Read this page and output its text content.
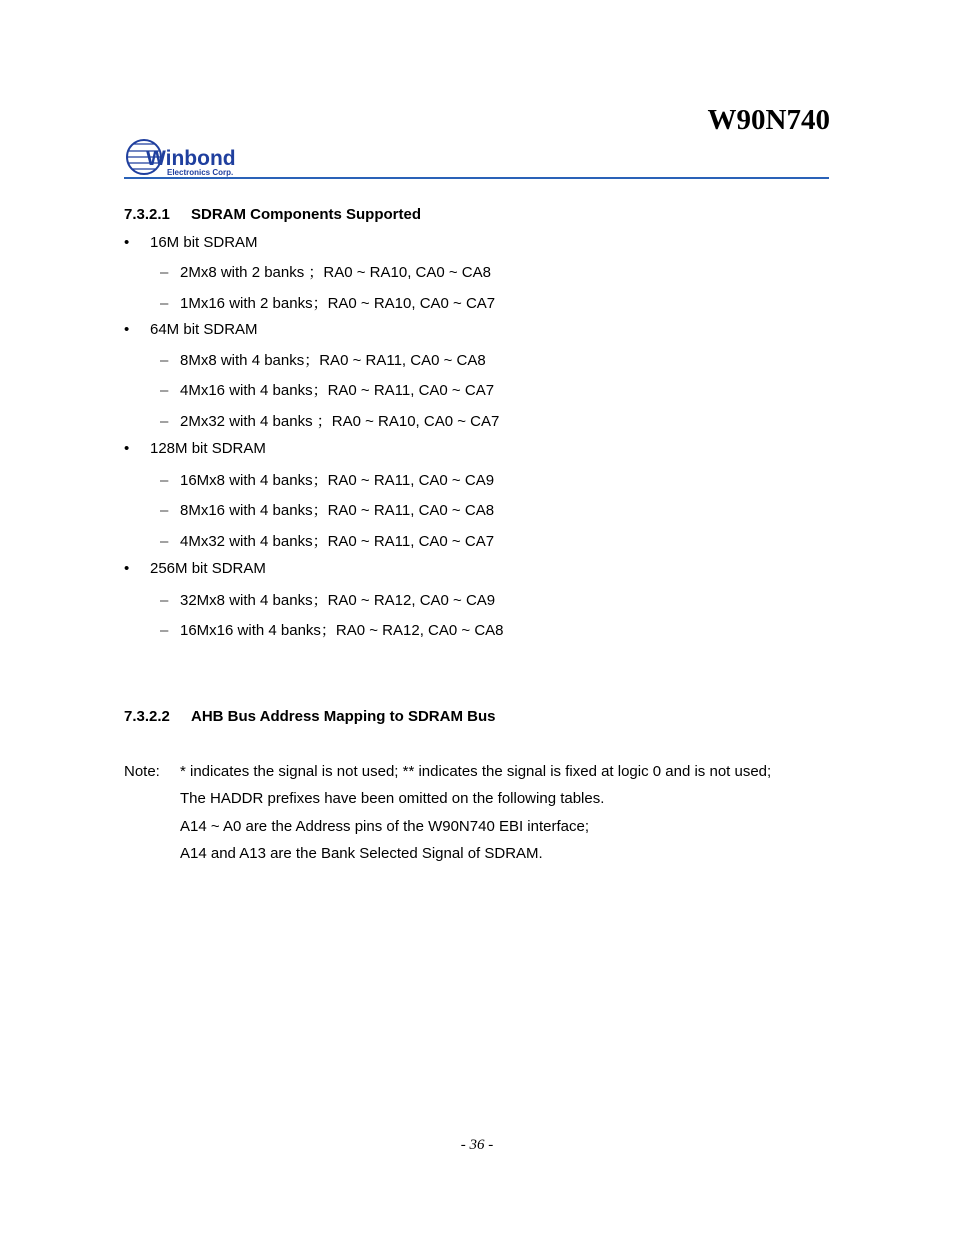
W90N740
Winbond
Electronics Corp.
7.3.2.1 SDRAM Components Supported
• 16M bit SDRAM
– 2Mx8 with 2 banks ；RA0 ~ RA10, CA0 ~ CA8
– 1Mx16 with 2 banks；RA0 ~ RA10, CA0 ~ CA7
• 64M bit SDRAM
– 8Mx8 with 4 banks；RA0 ~ RA11, CA0 ~ CA8
– 4Mx16 with 4 banks；RA0 ~ RA11, CA0 ~ CA7
– 2Mx32 with 4 banks ；RA0 ~ RA10, CA0 ~ CA7
• 128M bit SDRAM
– 16Mx8 with 4 banks；RA0 ~ RA11, CA0 ~ CA9
– 8Mx16 with 4 banks；RA0 ~ RA11, CA0 ~ CA8
– 4Mx32 with 4 banks；RA0 ~ RA11, CA0 ~ CA7
• 256M bit SDRAM
– 32Mx8 with 4 banks；RA0 ~ RA12, CA0 ~ CA9
– 16Mx16 with 4 banks；RA0 ~ RA12, CA0 ~ CA8
7.3.2.2 AHB Bus Address Mapping to SDRAM Bus
Note: * indicates the signal is not used; ** indicates the signal is fixed at logic 0 and is not used;
The HADDR prefixes have been omitted on the following tables.
A14 ~ A0 are the Address pins of the W90N740 EBI interface;
A14 and A13 are the Bank Selected Signal of SDRAM.
- 36 -
